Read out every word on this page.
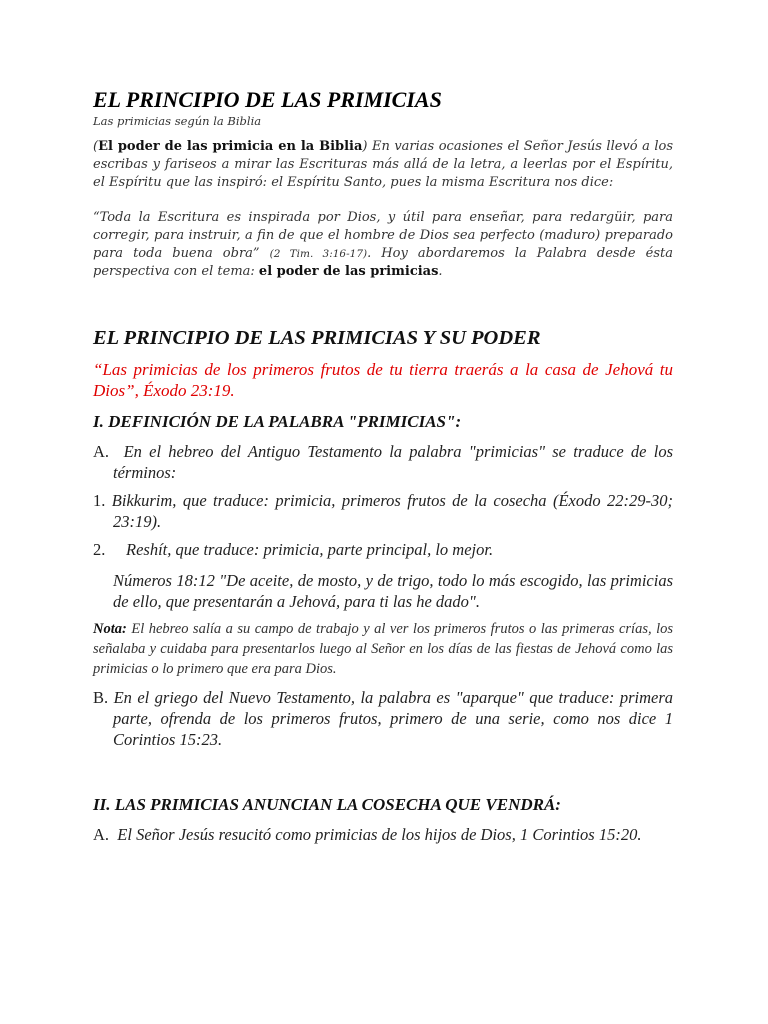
EL PRINCIPIO DE LAS PRIMICIAS

Las primicias según la Biblia

(El poder de las primicia en la Biblia) En varias ocasiones el Señor Jesús llevó a los escribas y fariseos a mirar las Escrituras más allá de la letra, a leerlas por el Espíritu, el Espíritu que las inspiró: el Espíritu Santo, pues la misma Escritura nos dice:

“Toda la Escritura es inspirada por Dios, y útil para enseñar, para redargüir, para corregir, para instruir, a fin de que el hombre de Dios sea perfecto (maduro) preparado para toda buena obra” (2 Tim. 3:16-17). Hoy abordaremos la Palabra desde ésta perspectiva con el tema: el poder de las primicias.

EL PRINCIPIO DE LAS PRIMICIAS Y SU PODER

“Las primicias de los primeros frutos de tu tierra traerás a la casa de Jehová tu Dios”, Éxodo 23:19.

I. DEFINICIÓN DE LA PALABRA "PRIMICIAS":

A. En el hebreo del Antiguo Testamento la palabra "primicias" se traduce de los términos:

1. Bikkurim, que traduce: primicia, primeros frutos de la cosecha (Éxodo 22:29-30; 23:19).

2. Reshít, que traduce: primicia, parte principal, lo mejor.

Números 18:12 "De aceite, de mosto, y de trigo, todo lo más escogido, las primicias de ello, que presentarán a Jehová, para ti las he dado".

Nota: El hebreo salía a su campo de trabajo y al ver los primeros frutos o las primeras crías, los señalaba y cuidaba para presentarlos luego al Señor en los días de las fiestas de Jehová como las primicias o lo primero que era para Dios.

B. En el griego del Nuevo Testamento, la palabra es "aparque" que traduce: primera parte, ofrenda de los primeros frutos, primero de una serie, como nos dice 1 Corintios 15:23.

II. LAS PRIMICIAS ANUNCIAN LA COSECHA QUE VENDRÁ:

A. El Señor Jesús resucitó como primicias de los hijos de Dios, 1 Corintios 15:20.
